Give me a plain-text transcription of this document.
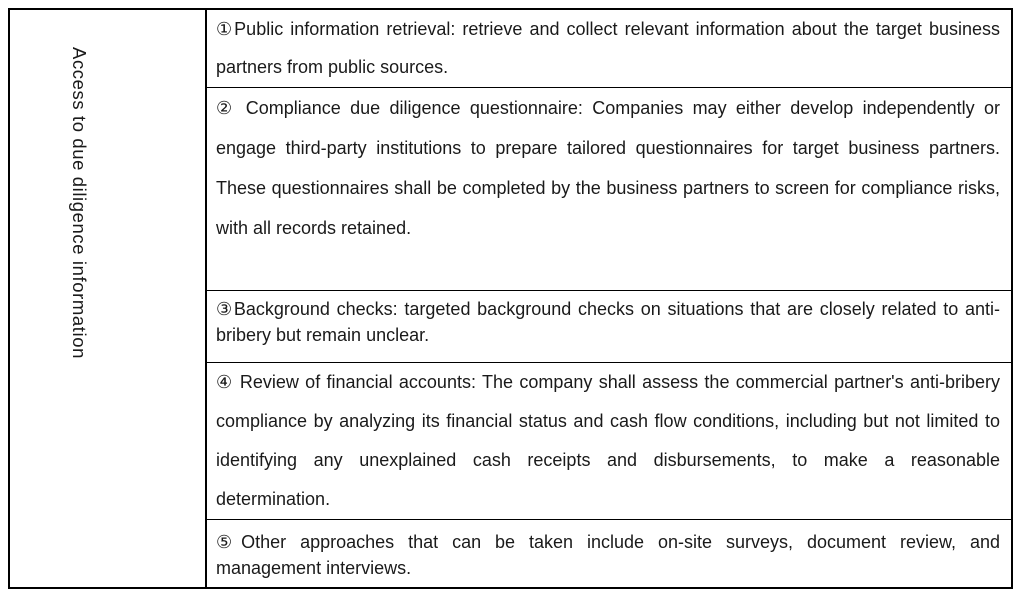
Access to due diligence information
①Public information retrieval: retrieve and collect relevant information about the target business partners from public sources.
② Compliance due diligence questionnaire: Companies may either develop independently or engage third-party institutions to prepare tailored questionnaires for target business partners. These questionnaires shall be completed by the business partners to screen for compliance risks, with all records retained.
③Background checks: targeted background checks on situations that are closely related to anti-bribery but remain unclear.
④ Review of financial accounts: The company shall assess the commercial partner's anti-bribery compliance by analyzing its financial status and cash flow conditions, including but not limited to identifying any unexplained cash receipts and disbursements, to make a reasonable determination.
⑤Other approaches that can be taken include on-site surveys, document review, and management interviews.
